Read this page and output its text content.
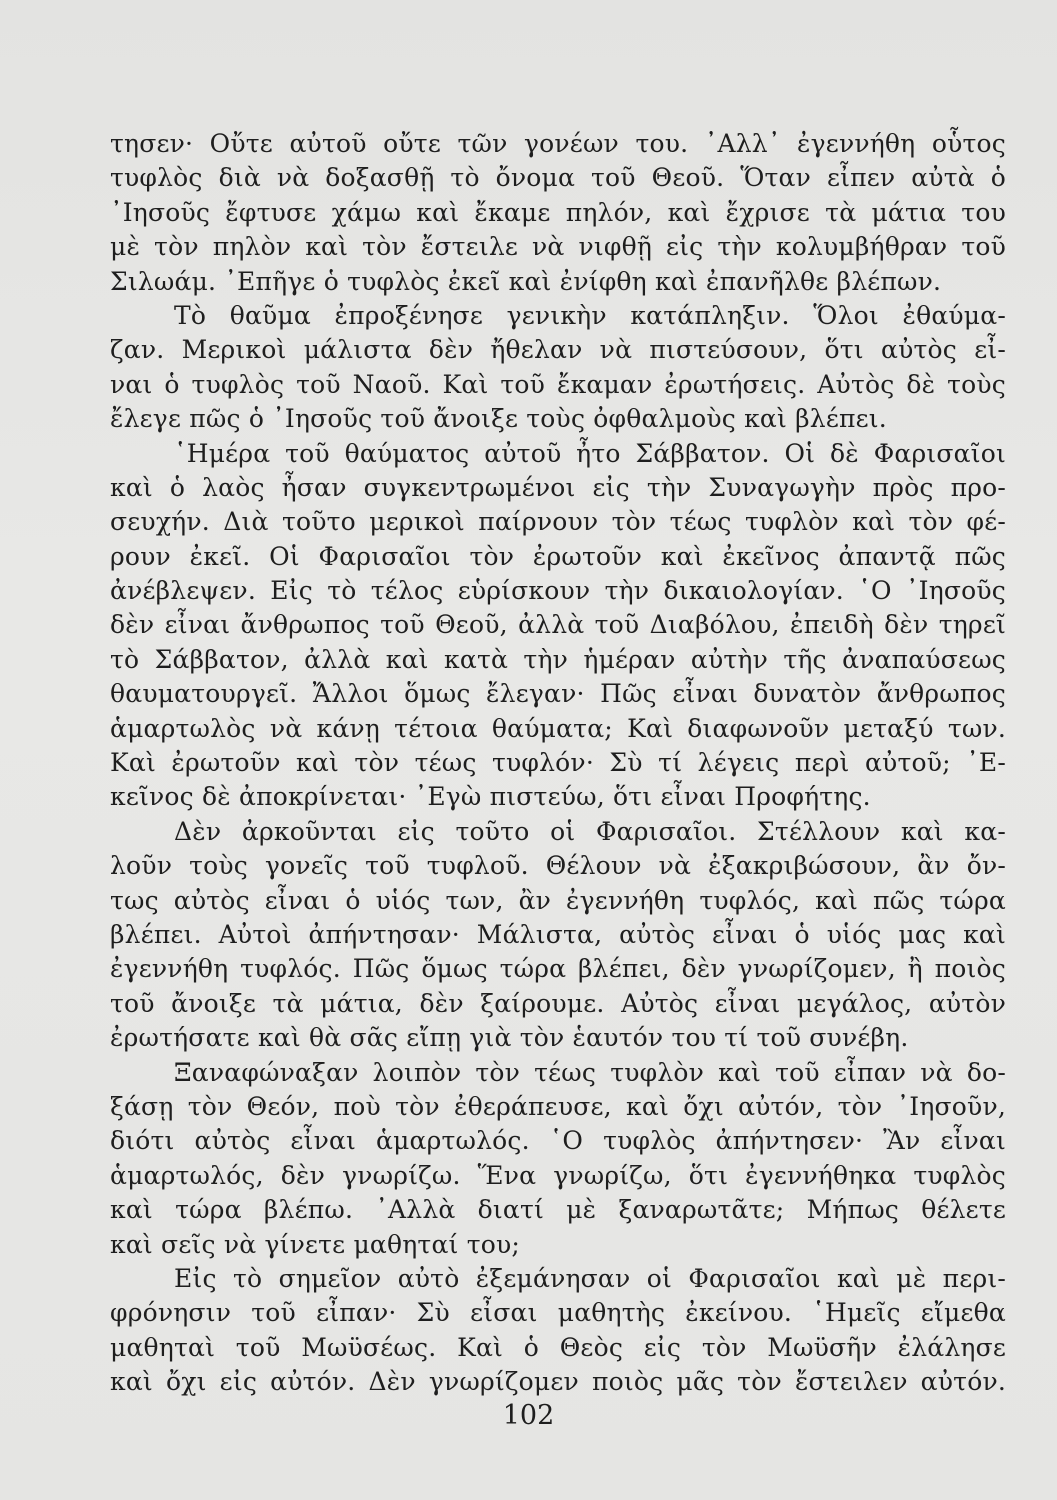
τησεν· Οὔτε αὐτοῦ οὔτε τῶν γονέων του. ᾿Αλλ᾿ ἐγεννήθη οὗτος
τυφλὸς διὰ νὰ δοξασθῇ τὸ ὄνομα τοῦ Θεοῦ. Ὅταν εἶπεν αὐτὰ ὁ
᾿Ιησοῦς ἔφτυσε χάμω καὶ ἔκαμε πηλόν, καὶ ἔχρισε τὰ μάτια του
μὲ τὸν πηλὸν καὶ τὸν ἔστειλε νὰ νιφθῇ εἰς τὴν κολυμβήθραν τοῦ
Σιλωάμ. ᾿Επῆγε ὁ τυφλὸς ἐκεῖ καὶ ἐνίφθη καὶ ἐπανῆλθε βλέπων.
Τὸ θαῦμα ἐπροξένησε γενικὴν κατάπληξιν. Ὅλοι ἐθαύμα-
ζαν. Μερικοὶ μάλιστα δὲν ἤθελαν νὰ πιστεύσουν, ὅτι αὐτὸς εἶ-
ναι ὁ τυφλὸς τοῦ Ναοῦ. Καὶ τοῦ ἔκαμαν ἐρωτήσεις. Αὐτὸς δὲ τοὺς
ἔλεγε πῶς ὁ ᾿Ιησοῦς τοῦ ἄνοιξε τοὺς ὀφθαλμοὺς καὶ βλέπει.
῾Ημέρα τοῦ θαύματος αὐτοῦ ἦτο Σάββατον. Οἱ δὲ Φαρισαῖοι
καὶ ὁ λαὸς ἦσαν συγκεντρωμένοι εἰς τὴν Συναγωγὴν πρὸς προ-
σευχήν. Διὰ τοῦτο μερικοὶ παίρνουν τὸν τέως τυφλὸν καὶ τὸν φέ-
ρουν ἐκεῖ. Οἱ Φαρισαῖοι τὸν ἐρωτοῦν καὶ ἐκεῖνος ἀπαντᾷ πῶς
ἀνέβλεψεν. Εἰς τὸ τέλος εὑρίσκουν τὴν δικαιολογίαν. ῾Ο ᾿Ιησοῦς
δὲν εἶναι ἄνθρωπος τοῦ Θεοῦ, ἀλλὰ τοῦ Διαβόλου, ἐπειδὴ δὲν τηρεῖ
τὸ Σάββατον, ἀλλὰ καὶ κατὰ τὴν ἡμέραν αὐτὴν τῆς ἀναπαύσεως
θαυματουργεῖ. Ἄλλοι ὅμως ἔλεγαν· Πῶς εἶναι δυνατὸν ἄνθρωπος
ἁμαρτωλὸς νὰ κάνῃ τέτοια θαύματα; Καὶ διαφωνοῦν μεταξύ των.
Καὶ ἐρωτοῦν καὶ τὸν τέως τυφλόν· Σὺ τί λέγεις περὶ αὐτοῦ; ᾿Ε-
κεῖνος δὲ ἀποκρίνεται· ᾿Εγὼ πιστεύω, ὅτι εἶναι Προφήτης.
Δὲν ἀρκοῦνται εἰς τοῦτο οἱ Φαρισαῖοι. Στέλλουν καὶ κα-
λοῦν τοὺς γονεῖς τοῦ τυφλοῦ. Θέλουν νὰ ἐξακριβώσουν, ἂν ὄν-
τως αὐτὸς εἶναι ὁ υἱός των, ἂν ἐγεννήθη τυφλός, καὶ πῶς τώρα
βλέπει. Αὐτοὶ ἀπήντησαν· Μάλιστα, αὐτὸς εἶναι ὁ υἱός μας καὶ
ἐγεννήθη τυφλός. Πῶς ὅμως τώρα βλέπει, δὲν γνωρίζομεν, ἢ ποιὸς
τοῦ ἄνοιξε τὰ μάτια, δὲν ξαίρουμε. Αὐτὸς εἶναι μεγάλος, αὐτὸν
ἐρωτήσατε καὶ θὰ σᾶς εἴπῃ γιὰ τὸν ἑαυτόν του τί τοῦ συνέβη.
Ξαναφώναξαν λοιπὸν τὸν τέως τυφλὸν καὶ τοῦ εἶπαν νὰ δο-
ξάσῃ τὸν Θεόν, ποὺ τὸν ἐθεράπευσε, καὶ ὄχι αὐτόν, τὸν ᾿Ιησοῦν,
διότι αὐτὸς εἶναι ἁμαρτωλός. ῾Ο τυφλὸς ἀπήντησεν· Ἂν εἶναι
ἁμαρτωλός, δὲν γνωρίζω. Ἕνα γνωρίζω, ὅτι ἐγεννήθηκα τυφλὸς
καὶ τώρα βλέπω. ᾿Αλλὰ διατί μὲ ξαναρωτᾶτε; Μήπως θέλετε
καὶ σεῖς νὰ γίνετε μαθηταί του;
Εἰς τὸ σημεῖον αὐτὸ ἐξεμάνησαν οἱ Φαρισαῖοι καὶ μὲ περι-
φρόνησιν τοῦ εἶπαν· Σὺ εἶσαι μαθητὴς ἐκείνου. ῾Ημεῖς εἴμεθα
μαθηταὶ τοῦ Μωϋσέως. Καὶ ὁ Θεὸς εἰς τὸν Μωϋσῆν ἐλάλησε
καὶ ὄχι εἰς αὐτόν. Δὲν γνωρίζομεν ποιὸς μᾶς τὸν ἔστειλεν αὐτόν.
102
